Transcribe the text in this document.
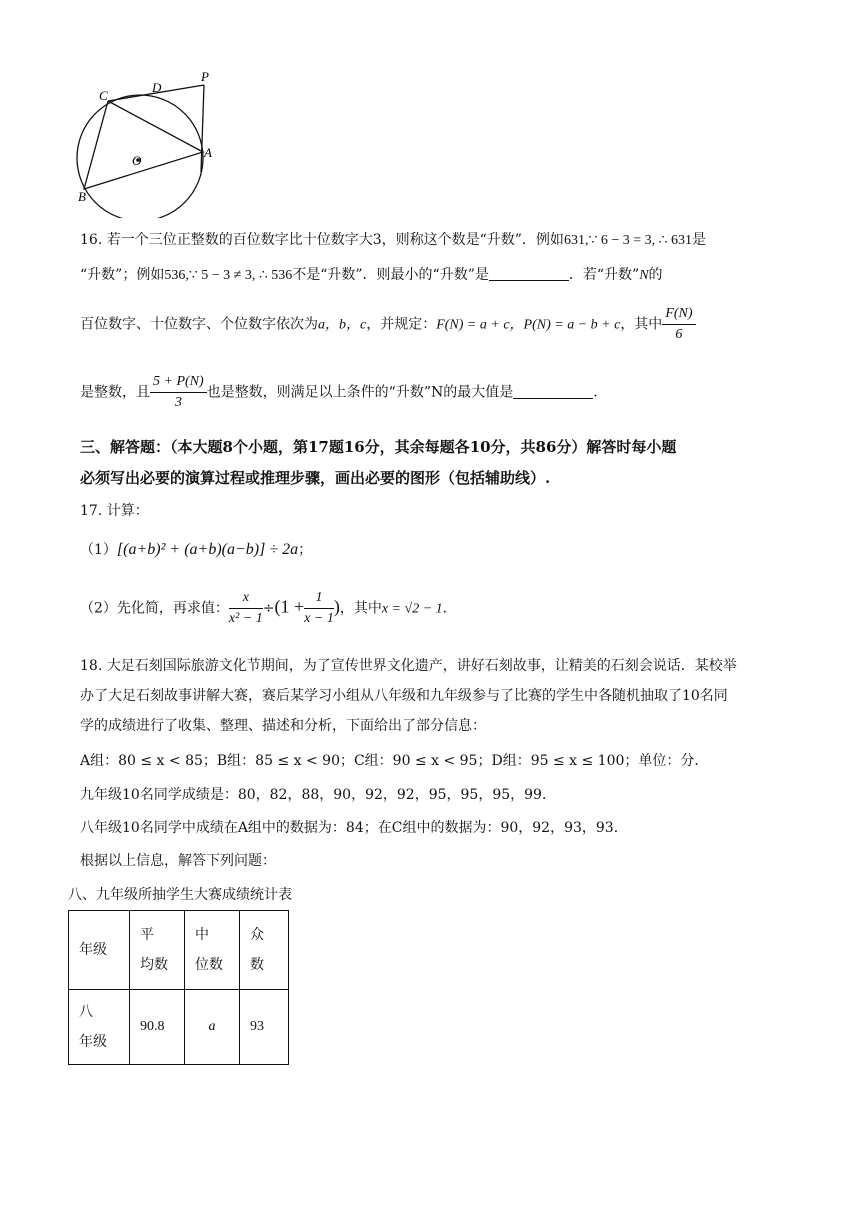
C
D
P
A
B
O
16. 若一个三位正整数的百位数字比十位数字大3，则称这个数是“升数”．例如631,∵ 6 − 3 = 3, ∴ 631是
“升数”；例如536,∵ 5 − 3 ≠ 3, ∴ 536不是“升数”．则最小的“升数”是	．若“升数”N的
百位数字、十位数字、个位数字依次为a，b，c，并规定：F(N) = a + c，P(N) = a − b + c，其中 $\frac{F(N)}{6}$
是整数，且 $\frac{5 + P(N)}{3}$ 也是整数，则满足以上条件的“升数”N的最大值是	.
三、解答题：（本大题8个小题，第17题16分，其余每题各10分，共86分）解答时每小题
必须写出必要的演算过程或推理步骤，画出必要的图形（包括辅助线）.
17. 计算：
（1）[(a+b)² + (a+b)(a−b)] ÷ 2a；
（2）先化简，再求值： $\frac{x}{\text{x² − 1}} \div(1 + \frac{1}{x - 1}$ )，其中x = √2 − 1.
18. 大足石刻国际旅游文化节期间，为了宣传世界文化遗产，讲好石刻故事，让精美的石刻会说话．某校举
办了大足石刻故事讲解大赛，赛后某学习小组从八年级和九年级参与了比赛的学生中各随机抽取了10名同
学的成绩进行了收集、整理、描述和分析，下面给出了部分信息：
A组：80 ≤ x < 85；B组：85 ≤ x < 90；C组：90 ≤ x < 95；D组：95 ≤ x ≤ 100；单位：分．
九年级10名同学成绩是：80，82，88，90，92，92，95，95，95，99．
八年级10名同学中成绩在A组中的数据为：84；在C组中的数据为：90，92，93，93．
根据以上信息，解答下列问题：
八、九年级所抽学生大赛成绩统计表
年级	平　均数	中　位数	众　数
八　年级	90.8	a	93
